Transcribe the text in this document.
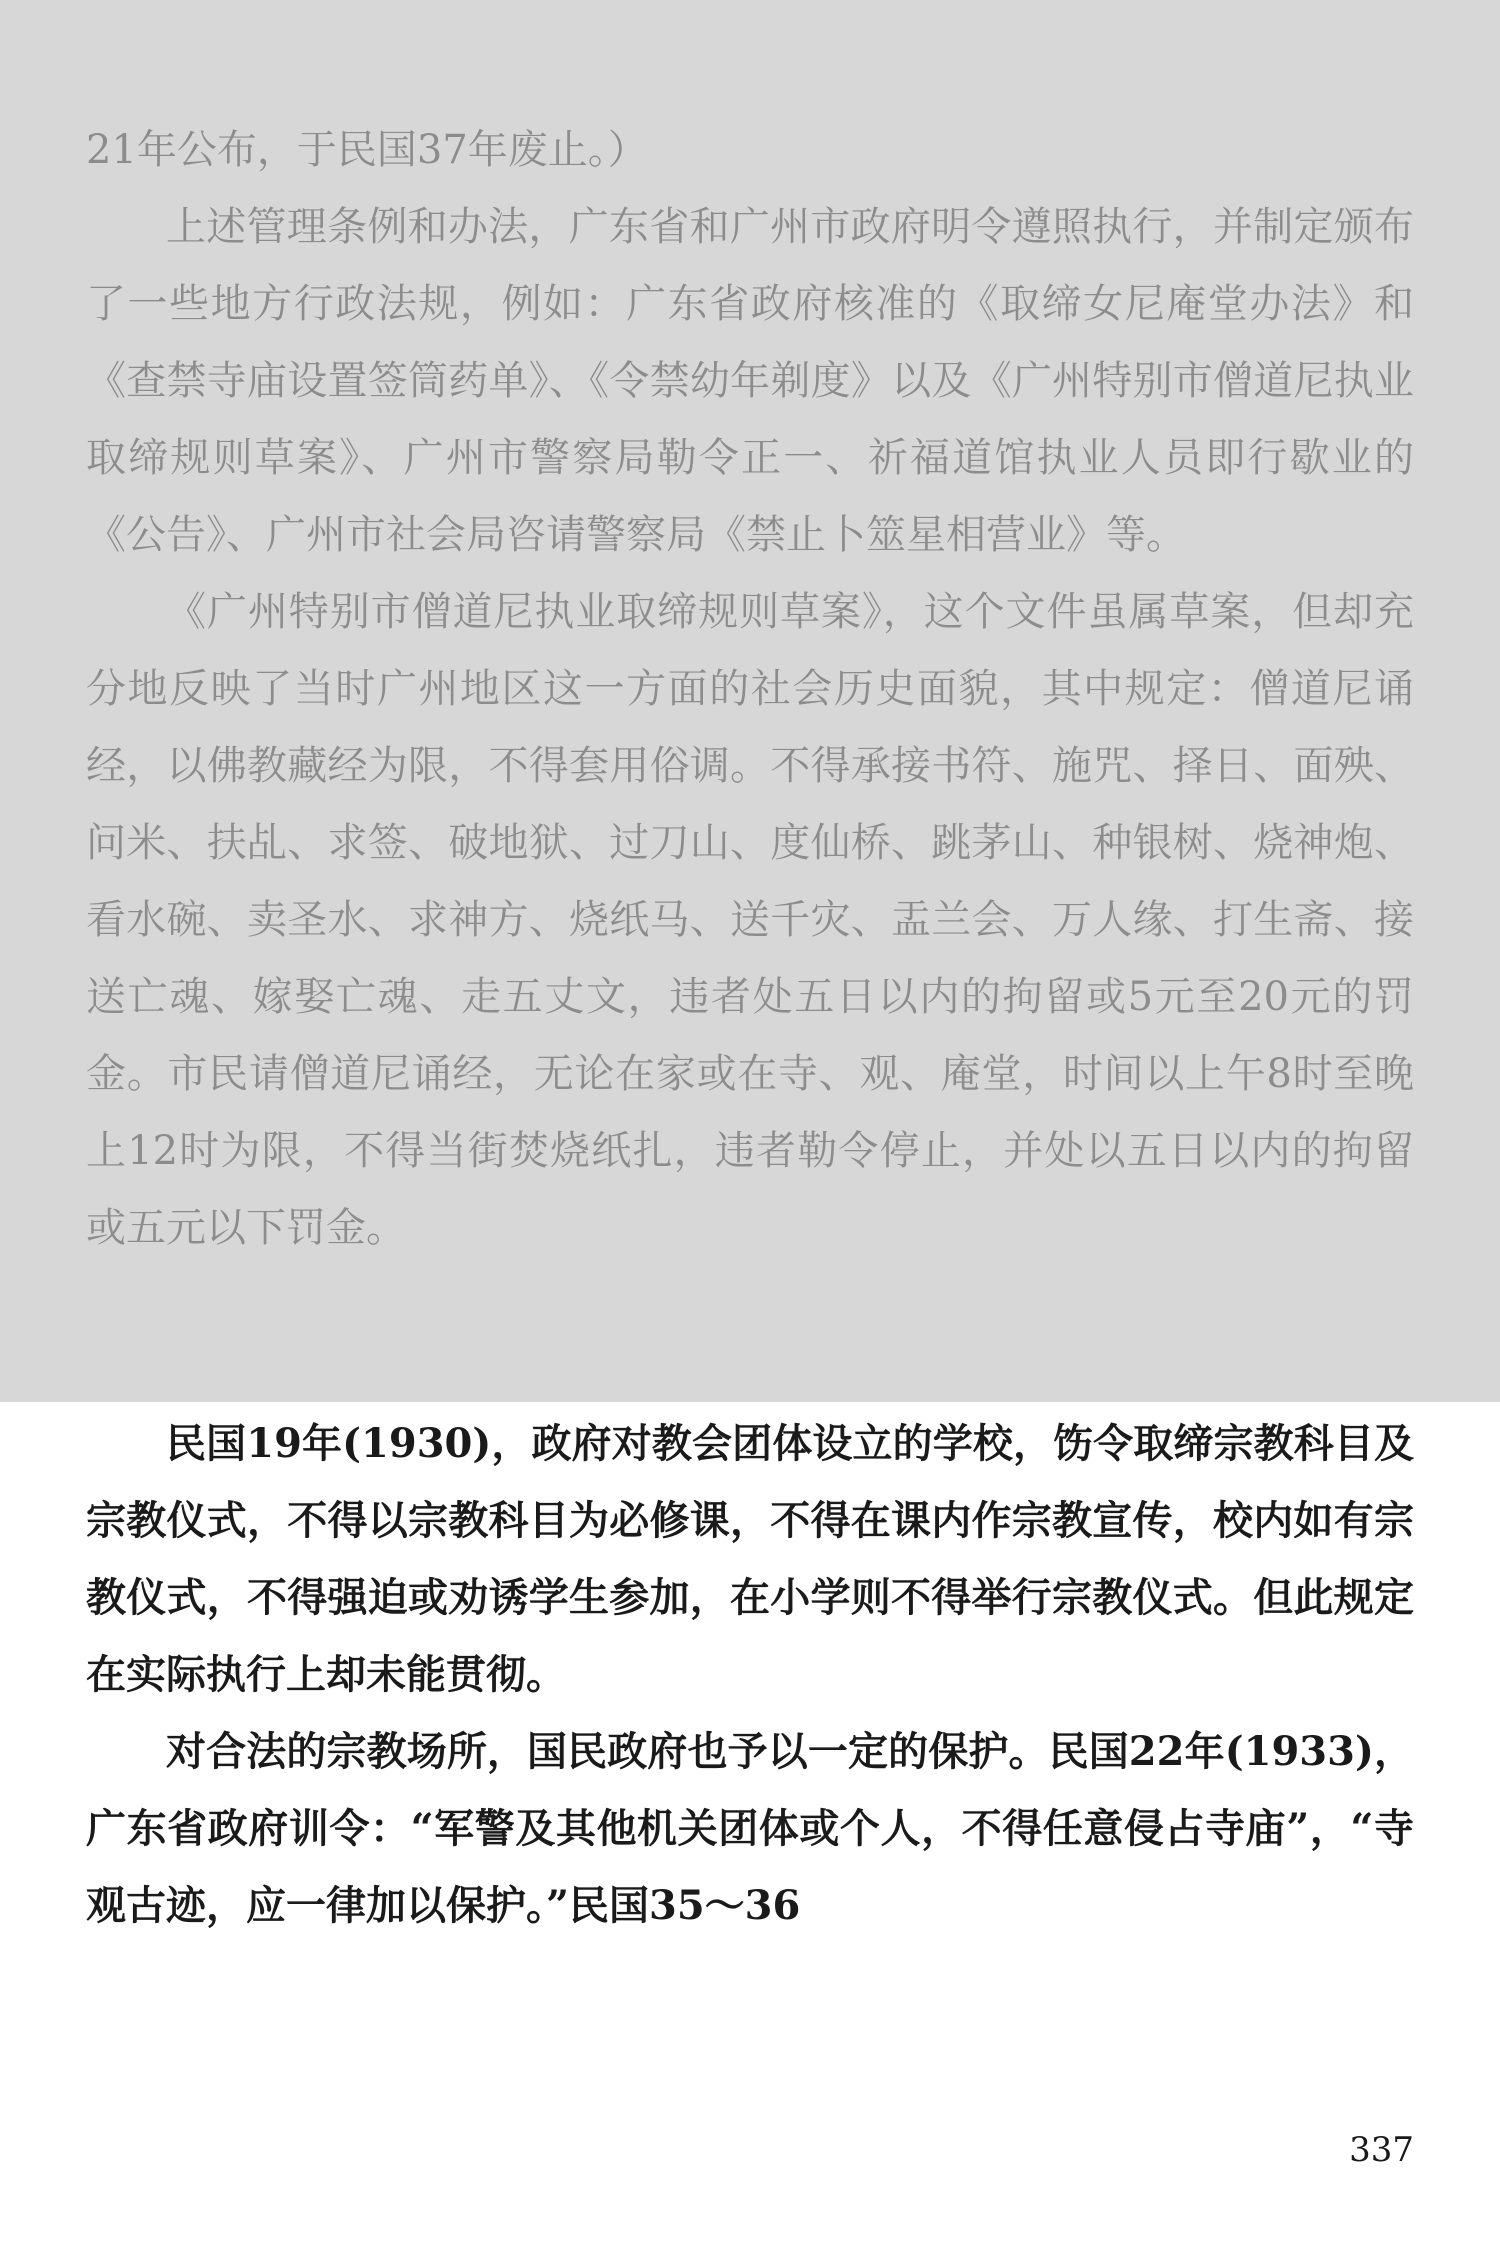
21年公布，于民国37年废止。）

上述管理条例和办法，广东省和广州市政府明令遵照执行，并制定颁布了一些地方行政法规，例如：广东省政府核准的《取缔女尼庵堂办法》和《查禁寺庙设置签筒药单》、《令禁幼年剃度》以及《广州特别市僧道尼执业取缔规则草案》、广州市警察局勒令正一、祈福道馆执业人员即行歇业的《公告》、广州市社会局咨请警察局《禁止卜筮星相营业》等。

《广州特别市僧道尼执业取缔规则草案》，这个文件虽属草案，但却充分地反映了当时广州地区这一方面的社会历史面貌，其中规定：僧道尼诵经，以佛教藏经为限，不得套用俗调。不得承接书符、施咒、择日、面殃、问米、扶乩、求签、破地狱、过刀山、度仙桥、跳茅山、种银树、烧神炮、看水碗、卖圣水、求神方、烧纸马、送千灾、盂兰会、万人缘、打生斋、接送亡魂、嫁娶亡魂、走五丈文，违者处五日以内的拘留或5元至20元的罚金。市民请僧道尼诵经，无论在家或在寺、观、庵堂，时间以上午8时至晚上12时为限，不得当街焚烧纸扎，违者勒令停止，并处以五日以内的拘留或五元以下罚金。

民国19年(1930)，政府对教会团体设立的学校，饬令取缔宗教科目及宗教仪式，不得以宗教科目为必修课，不得在课内作宗教宣传，校内如有宗教仪式，不得强迫或劝诱学生参加，在小学则不得举行宗教仪式。但此规定在实际执行上却未能贯彻。

对合法的宗教场所，国民政府也予以一定的保护。民国22年(1933)，广东省政府训令：“军警及其他机关团体或个人，不得任意侵占寺庙”，“寺观古迹，应一律加以保护。”民国35～36

337
